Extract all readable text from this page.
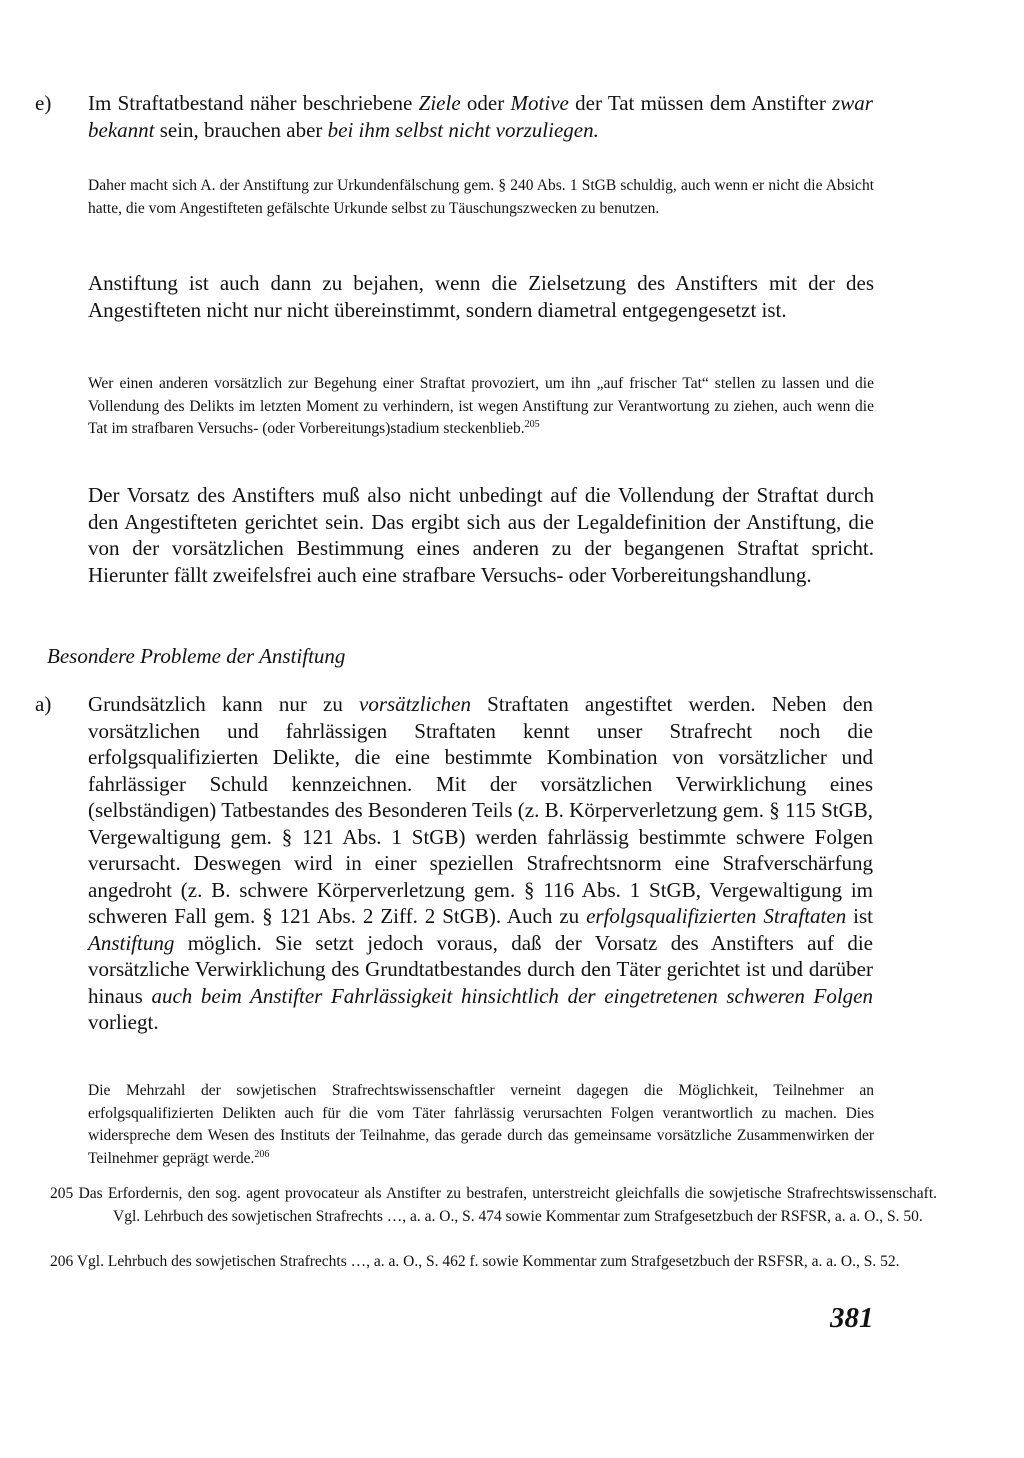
e)	Im Straftatbestand näher beschriebene Ziele oder Motive der Tat müssen dem Anstifter zwar bekannt sein, brauchen aber bei ihm selbst nicht vorzuliegen.

Daher macht sich A. der Anstiftung zur Urkundenfälschung gem. § 240 Abs. 1 StGB schuldig, auch wenn er nicht die Absicht hatte, die vom Angestifteten gefälschte Urkunde selbst zu Täuschungszwecken zu benutzen.

Anstiftung ist auch dann zu bejahen, wenn die Zielsetzung des Anstifters mit der des Angestifteten nicht nur nicht übereinstimmt, sondern diametral entgegengesetzt ist.

Wer einen anderen vorsätzlich zur Begehung einer Straftat provoziert, um ihn „auf frischer Tat“ stellen zu lassen und die Vollendung des Delikts im letzten Moment zu verhindern, ist wegen Anstiftung zur Verantwortung zu ziehen, auch wenn die Tat im strafbaren Versuchs- (oder Vorbereitungs)stadium steckenblieb.$^{205}$

Der Vorsatz des Anstifters muß also nicht unbedingt auf die Vollendung der Straftat durch den Angestifteten gerichtet sein. Das ergibt sich aus der Legaldefinition der Anstiftung, die von der vorsätzlichen Bestimmung eines anderen zu der begangenen Straftat spricht. Hierunter fällt zweifelsfrei auch eine strafbare Versuchs- oder Vorbereitungshandlung.

Besondere Probleme der Anstiftung
a)	Grundsätzlich kann nur zu vorsätzlichen Straftaten angestiftet werden. Neben den vorsätzlichen und fahrlässigen Straftaten kennt unser Strafrecht noch die erfolgsqualifizierten Delikte, die eine bestimmte Kombination von vorsätzlicher und fahrlässiger Schuld kennzeichnen. Mit der vorsätzlichen Verwirklichung eines (selbständigen) Tatbestandes des Besonderen Teils (z. B. Körperverletzung gem. § 115 StGB, Vergewaltigung gem. § 121 Abs. 1 StGB) werden fahrlässig bestimmte schwere Folgen verursacht. Deswegen wird in einer speziellen Strafrechtsnorm eine Strafverschärfung angedroht (z. B. schwere Körperverletzung gem. § 116 Abs. 1 StGB, Vergewaltigung im schweren Fall gem. § 121 Abs. 2 Ziff. 2 StGB). Auch zu erfolgsqualifizierten Straftaten ist Anstiftung möglich. Sie setzt jedoch voraus, daß der Vorsatz des Anstifters auf die vorsätzliche Verwirklichung des Grundtatbestandes durch den Täter gerichtet ist und darüber hinaus auch beim Anstifter Fahrlässigkeit hinsichtlich der eingetretenen schweren Folgen vorliegt.

Die Mehrzahl der sowjetischen Strafrechtswissenschaftler verneint dagegen die Möglichkeit, Teilnehmer an erfolgsqualifizierten Delikten auch für die vom Täter fahrlässig verursachten Folgen verantwortlich zu machen. Dies widerspreche dem Wesen des Instituts der Teilnahme, das gerade durch das gemeinsame vorsätzliche Zusammenwirken der Teilnehmer geprägt werde.$^{206}$

205 Das Erfordernis, den sog. agent provocateur als Anstifter zu bestrafen, unterstreicht gleichfalls die sowjetische Strafrechtswissenschaft. Vgl. Lehrbuch des sowjetischen Strafrechts …, a. a. O., S. 474 sowie Kommentar zum Strafgesetzbuch der RSFSR, a. a. O., S. 50.
206 Vgl. Lehrbuch des sowjetischen Strafrechts …, a. a. O., S. 462 f. sowie Kommentar zum Strafgesetzbuch der RSFSR, a. a. O., S. 52.
381
